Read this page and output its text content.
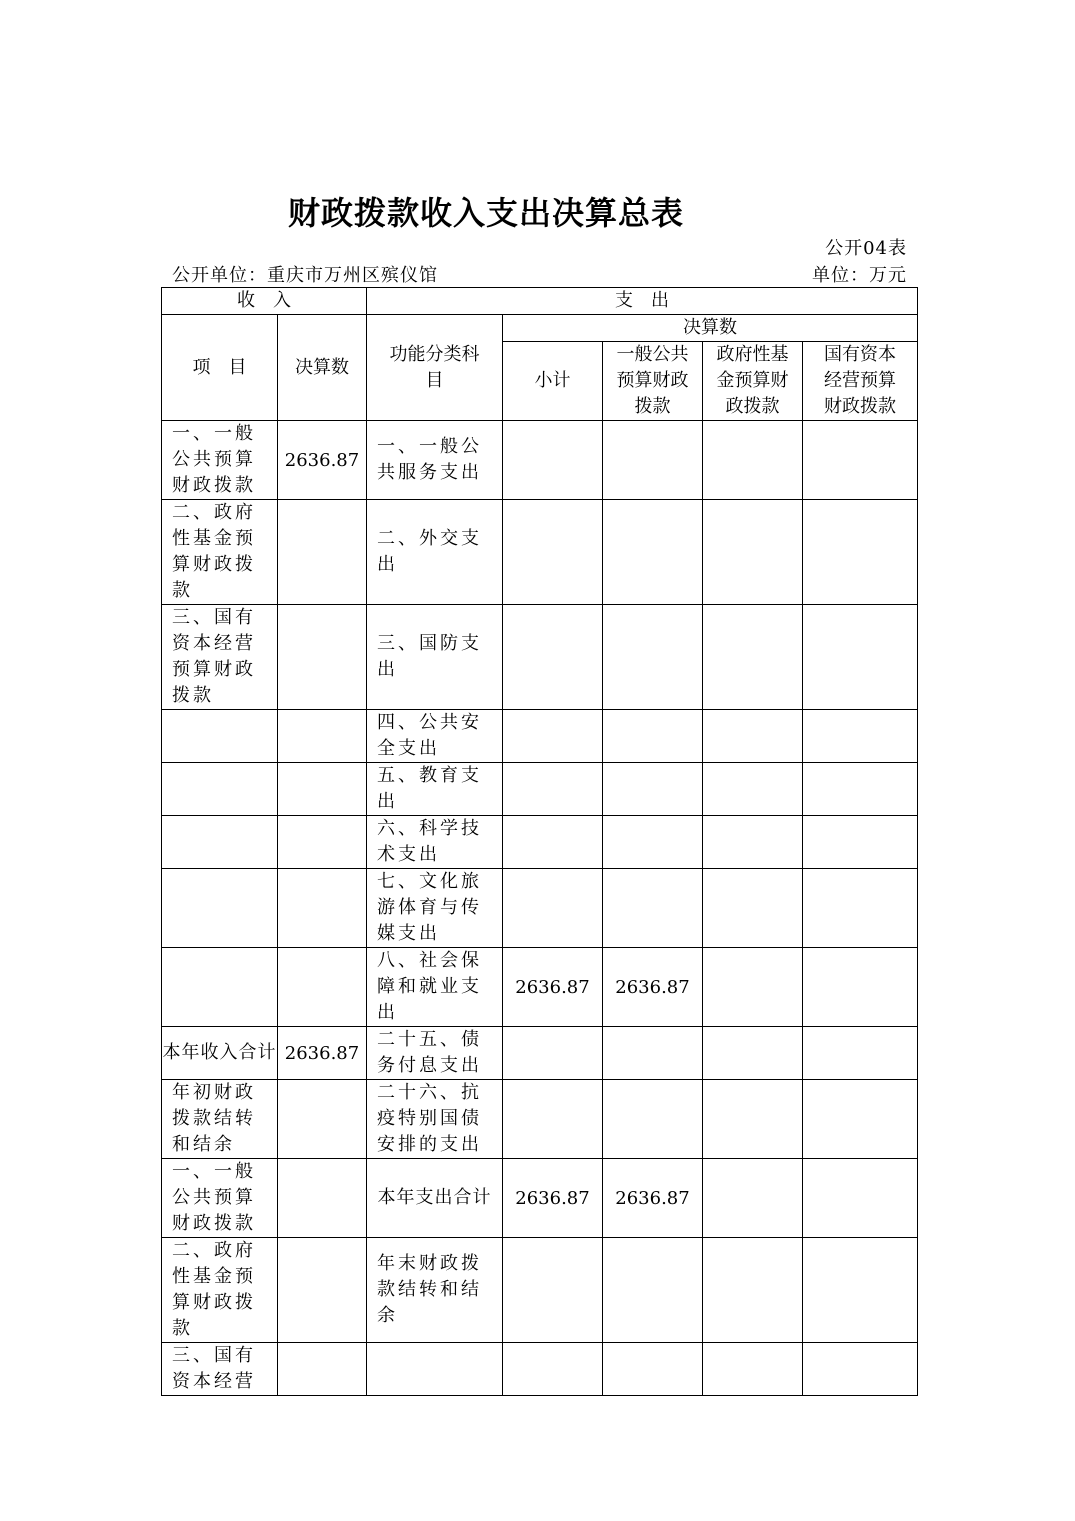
财政拨款收入支出决算总表
公开04表
公开单位：重庆市万州区殡仪馆	单位：万元
收　入		支　出				
项　目	决算数	功能分类科目	决算数			
			小计	一般公共预算财政拨款	政府性基金预算财政拨款	国有资本经营预算财政拨款
一、一般公共预算财政拨款	2636.87	一、一般公共服务支出				
二、政府性基金预算财政拨款		二、外交支出				
三、国有资本经营预算财政拨款		三、国防支出				
		四、公共安全支出				
		五、教育支出				
		六、科学技术支出				
		七、文化旅游体育与传媒支出				
		八、社会保障和就业支出	2636.87	2636.87		
本年收入合计	2636.87	二十五、债务付息支出				
年初财政拨款结转和结余		二十六、抗疫特别国债安排的支出				
一、一般公共预算财政拨款		本年支出合计	2636.87	2636.87		
二、政府性基金预算财政拨款		年末财政拨款结转和结余				
三、国有资本经营						
